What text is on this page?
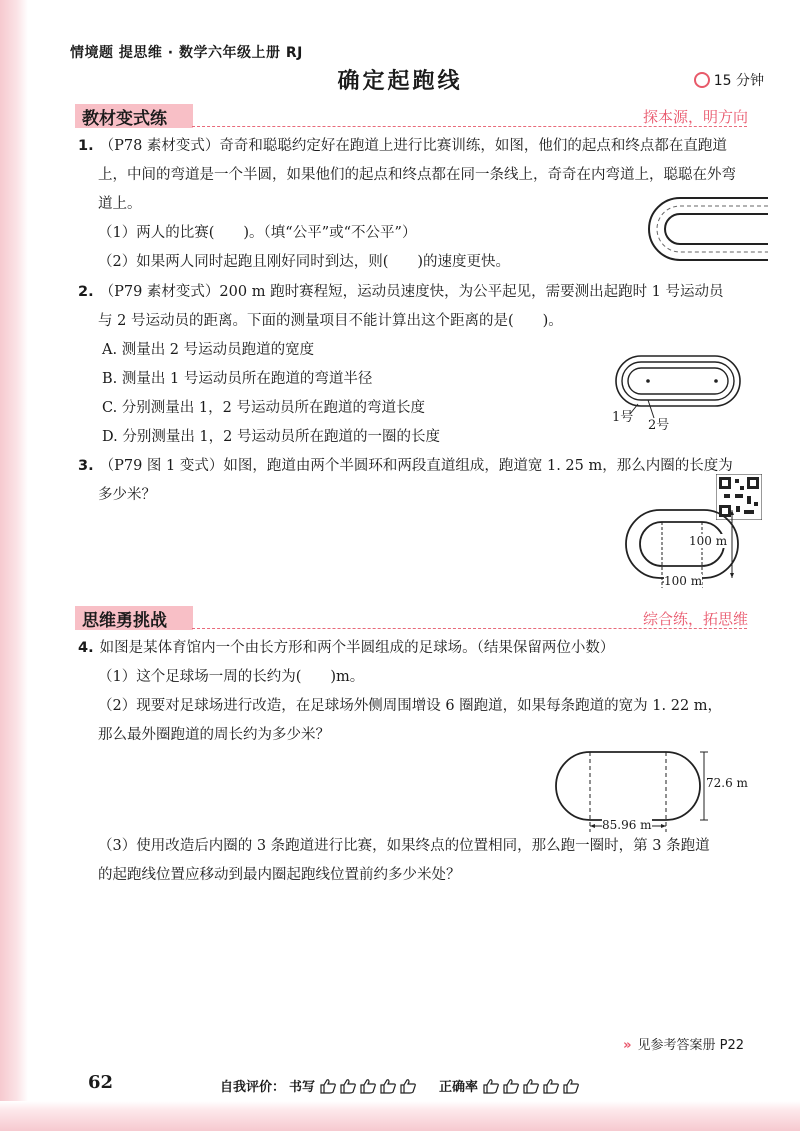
情境题 提思维 · 数学六年级上册 RJ
确定起跑线	15 分钟
教材变式练	探本源，明方向
1. （P78 素材变式）奇奇和聪聪约定好在跑道上进行比赛训练，如图，他们的起点和终点都在直跑道
上，中间的弯道是一个半圆，如果他们的起点和终点都在同一条线上，奇奇在内弯道上，聪聪在外弯
道上。
（1）两人的比赛(　　)。（填“公平”或“不公平”）
（2）如果两人同时起跑且刚好同时到达，则(　　)的速度更快。
2. （P79 素材变式）200 m 跑时赛程短，运动员速度快，为公平起见，需要测出起跑时 1 号运动员
与 2 号运动员的距离。下面的测量项目不能计算出这个距离的是(　　)。
A. 测量出 2 号运动员跑道的宽度
B. 测量出 1 号运动员所在跑道的弯道半径
C. 分别测量出 1，2 号运动员所在跑道的弯道长度
D. 分别测量出 1，2 号运动员所在跑道的一圈的长度
1号
2号
3. （P79 图 1 变式）如图，跑道由两个半圆环和两段直道组成，跑道宽 1. 25 m，那么内圈的长度为
多少米？
100 m
100 m
思维勇挑战	综合练，拓思维
4. 如图是某体育馆内一个由长方形和两个半圆组成的足球场。（结果保留两位小数）
（1）这个足球场一周的长约为(　　)m。
（2）现要对足球场进行改造，在足球场外侧周围增设 6 圈跑道，如果每条跑道的宽为 1. 22 m，
那么最外圈跑道的周长约为多少米？
72.6 m
85.96 m
（3）使用改造后内圈的 3 条跑道进行比赛，如果终点的位置相同，那么跑一圈时，第 3 条跑道
的起跑线位置应移动到最内圈起跑线位置前约多少米处？
» 见参考答案册 P22
62	自我评价： 书写	正确率
